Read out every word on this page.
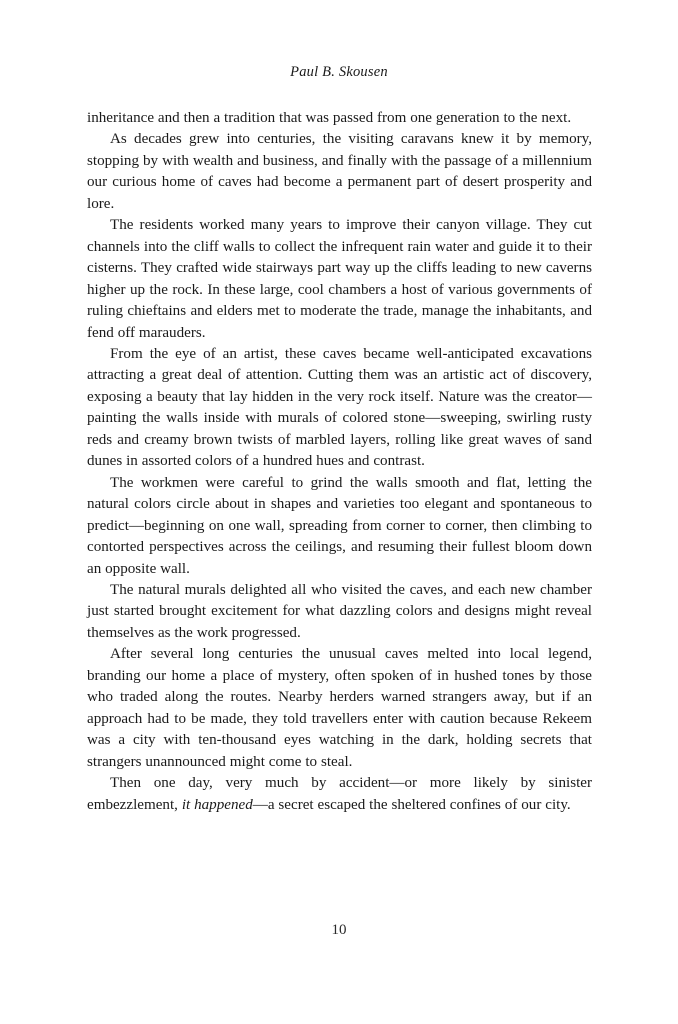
Paul B. Skousen

inheritance and then a tradition that was passed from one generation to the next.

As decades grew into centuries, the visiting caravans knew it by memory, stopping by with wealth and business, and finally with the passage of a millennium our curious home of caves had become a permanent part of desert prosperity and lore.

The residents worked many years to improve their canyon village. They cut channels into the cliff walls to collect the infrequent rain water and guide it to their cisterns. They crafted wide stairways part way up the cliffs leading to new caverns higher up the rock. In these large, cool chambers a host of various governments of ruling chieftains and elders met to moderate the trade, manage the inhabitants, and fend off marauders.

From the eye of an artist, these caves became well-anticipated excavations attracting a great deal of attention. Cutting them was an artistic act of discovery, exposing a beauty that lay hidden in the very rock itself. Nature was the creator—painting the walls inside with murals of colored stone—sweeping, swirling rusty reds and creamy brown twists of marbled layers, rolling like great waves of sand dunes in assorted colors of a hundred hues and contrast.

The workmen were careful to grind the walls smooth and flat, letting the natural colors circle about in shapes and varieties too elegant and spontaneous to predict—beginning on one wall, spreading from corner to corner, then climbing to contorted perspectives across the ceilings, and resuming their fullest bloom down an opposite wall.

The natural murals delighted all who visited the caves, and each new chamber just started brought excitement for what dazzling colors and designs might reveal themselves as the work progressed.

After several long centuries the unusual caves melted into local legend, branding our home a place of mystery, often spoken of in hushed tones by those who traded along the routes. Nearby herders warned strangers away, but if an approach had to be made, they told travellers enter with caution because Rekeem was a city with ten-thousand eyes watching in the dark, holding secrets that strangers unannounced might come to steal.

Then one day, very much by accident—or more likely by sinister embezzlement, it happened—a secret escaped the sheltered confines of our city.

10
